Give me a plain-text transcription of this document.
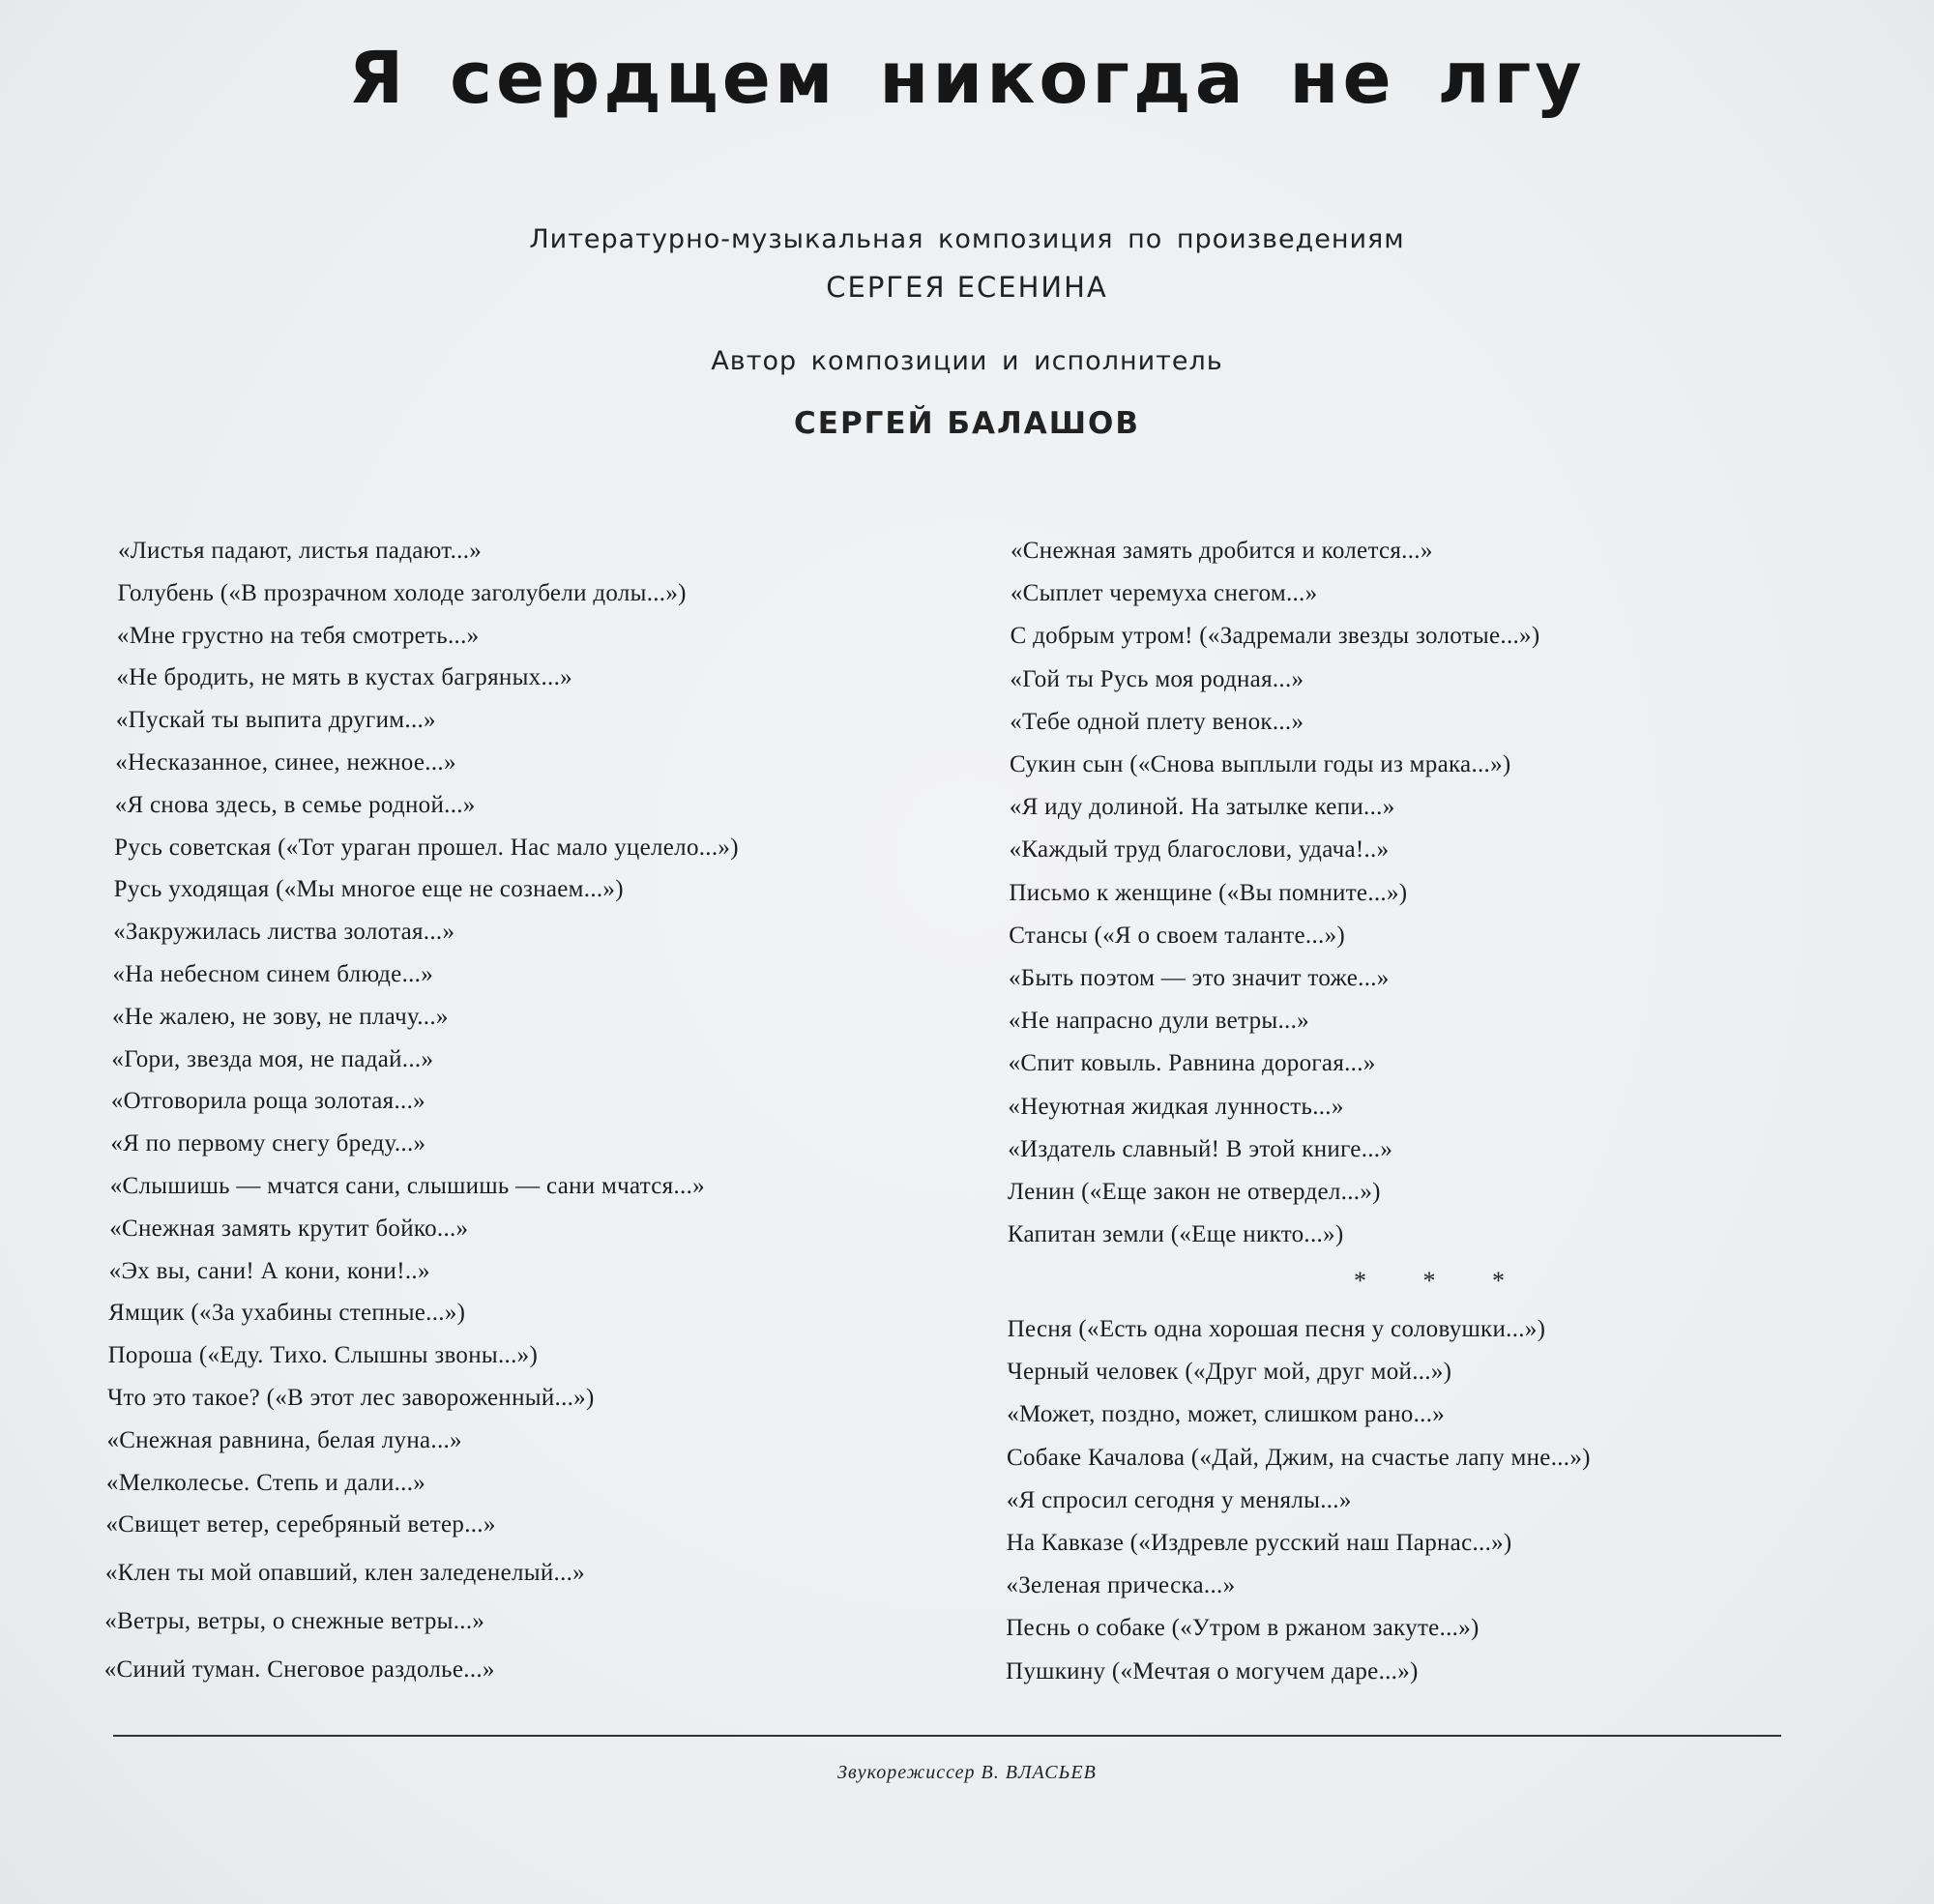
Я сердцем никогда не лгу
Литературно-музыкальная композиция по произведениям
СЕРГЕЯ ЕСЕНИНА
Автор композиции и исполнитель
СЕРГЕЙ БАЛАШОВ
«Листья падают, листья падают...»
Голубень («В прозрачном холоде заголубели долы...»)
«Мне грустно на тебя смотреть...»
«Не бродить, не мять в кустах багряных...»
«Пускай ты выпита другим...»
«Несказанное, синее, нежное...»
«Я снова здесь, в семье родной...»
Русь советская («Тот ураган прошел. Нас мало уцелело...»)
Русь уходящая («Мы многое еще не сознаем...»)
«Закружилась листва золотая...»
«На небесном синем блюде...»
«Не жалею, не зову, не плачу...»
«Гори, звезда моя, не падай...»
«Отговорила роща золотая...»
«Я по первому снегу бреду...»
«Слышишь — мчатся сани, слышишь — сани мчатся...»
«Снежная замять крутит бойко...»
«Эх вы, сани! А кони, кони!..»
Ямщик («За ухабины степные...»)
Пороша («Еду. Тихо. Слышны звоны...»)
Что это такое? («В этот лес завороженный...»)
«Снежная равнина, белая луна...»
«Мелколесье. Степь и дали...»
«Свищет ветер, серебряный ветер...»
«Клен ты мой опавший, клен заледенелый...»
«Ветры, ветры, о снежные ветры...»
«Синий туман. Снеговое раздолье...»
«Снежная замять дробится и колется...»
«Сыплет черемуха снегом...»
С добрым утром! («Задремали звезды золотые...»)
«Гой ты Русь моя родная...»
«Тебе одной плету венок...»
Сукин сын («Снова выплыли годы из мрака...»)
«Я иду долиной. На затылке кепи...»
«Каждый труд благослови, удача!..»
Письмо к женщине («Вы помните...»)
Стансы («Я о своем таланте...»)
«Быть поэтом — это значит тоже...»
«Не напрасно дули ветры...»
«Спит ковыль. Равнина дорогая...»
«Неуютная жидкая лунность...»
«Издатель славный! В этой книге...»
Ленин («Еще закон не отвердел...»)
Капитан земли («Еще никто...»)
Песня («Есть одна хорошая песня у соловушки...»)
Черный человек («Друг мой, друг мой...»)
«Может, поздно, может, слишком рано...»
Собаке Качалова («Дай, Джим, на счастье лапу мне...»)
«Я спросил сегодня у менялы...»
На Кавказе («Издревле русский наш Парнас...»)
«Зеленая прическа...»
Песнь о собаке («Утром в ржаном закуте...»)
Пушкину («Мечтая о могучем даре...»)
* * *
Звукорежиссер В. ВЛАСЬЕВ
